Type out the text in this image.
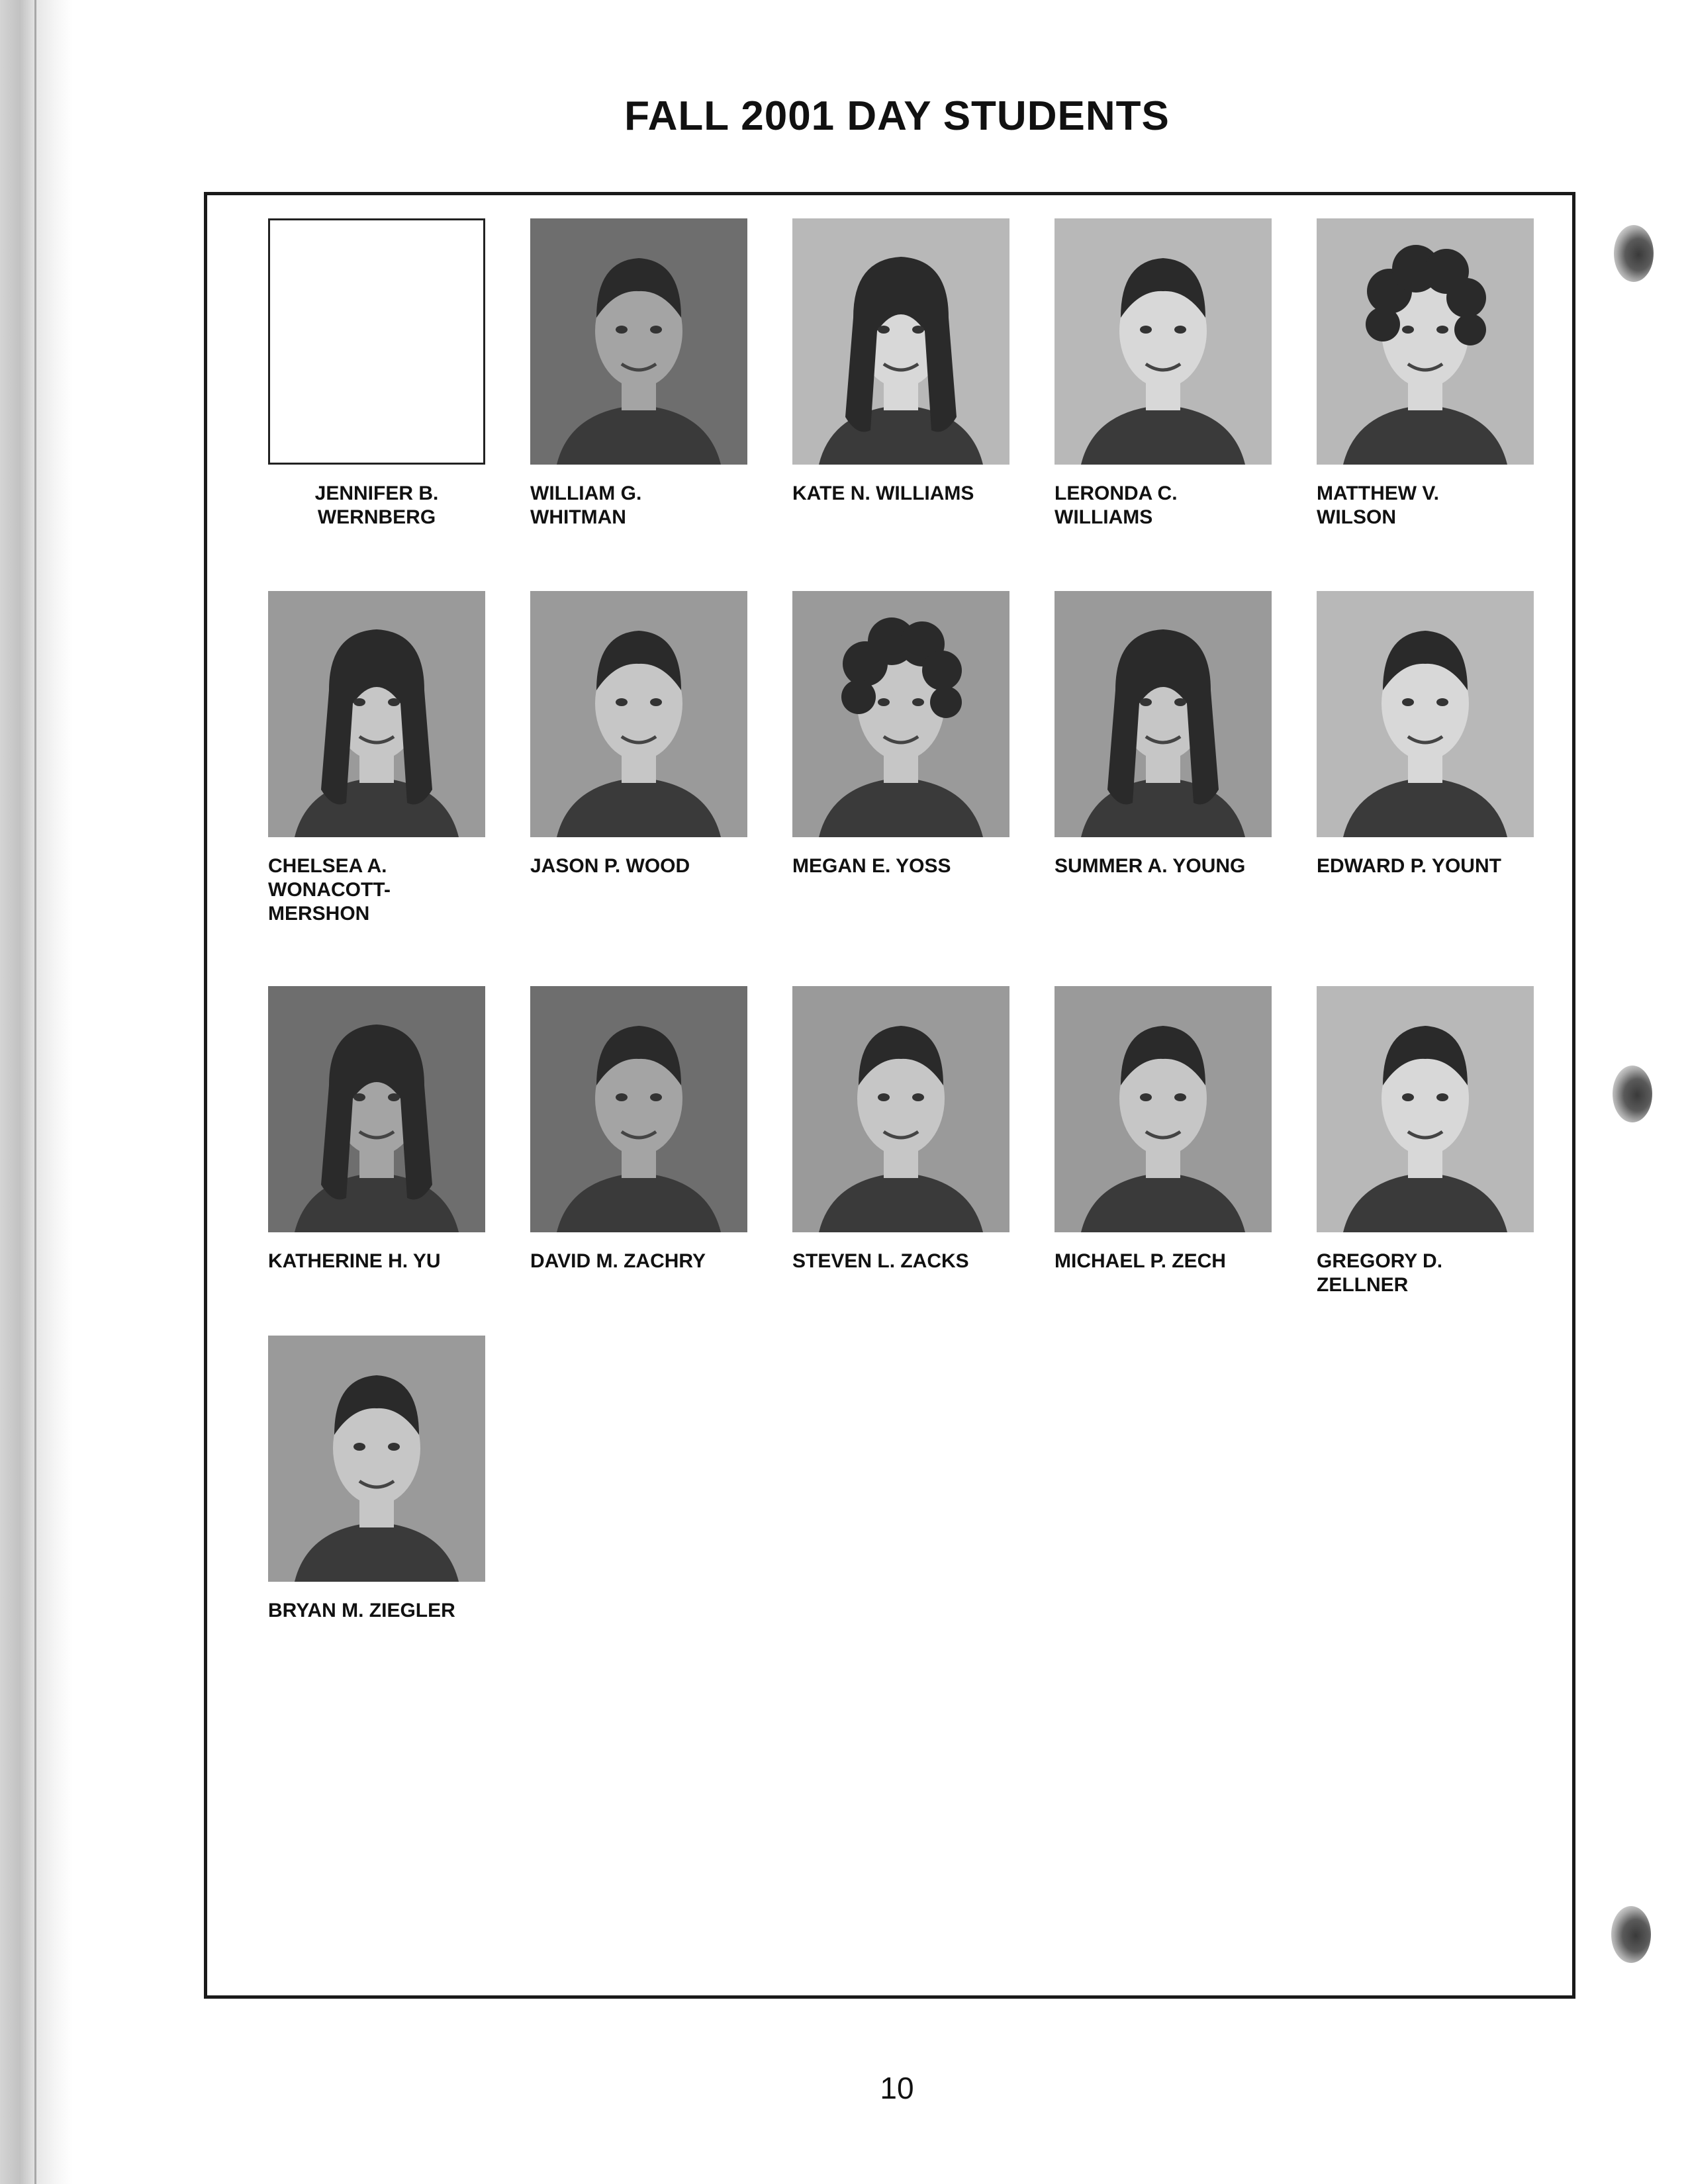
FALL 2001 DAY STUDENTS
JENNIFER B.
WERNBERG
WILLIAM G.
WHITMAN
KATE N. WILLIAMS	LERONDA C.
WILLIAMS
MATTHEW V.
WILSON
CHELSEA A.
WONACOTT-
MERSHON
JASON P. WOOD	MEGAN E. YOSS	SUMMER A. YOUNG	EDWARD P. YOUNT
KATHERINE H. YU	DAVID M. ZACHRY	STEVEN L. ZACKS	MICHAEL P. ZECH	GREGORY D.
ZELLNER
BRYAN M. ZIEGLER
10
